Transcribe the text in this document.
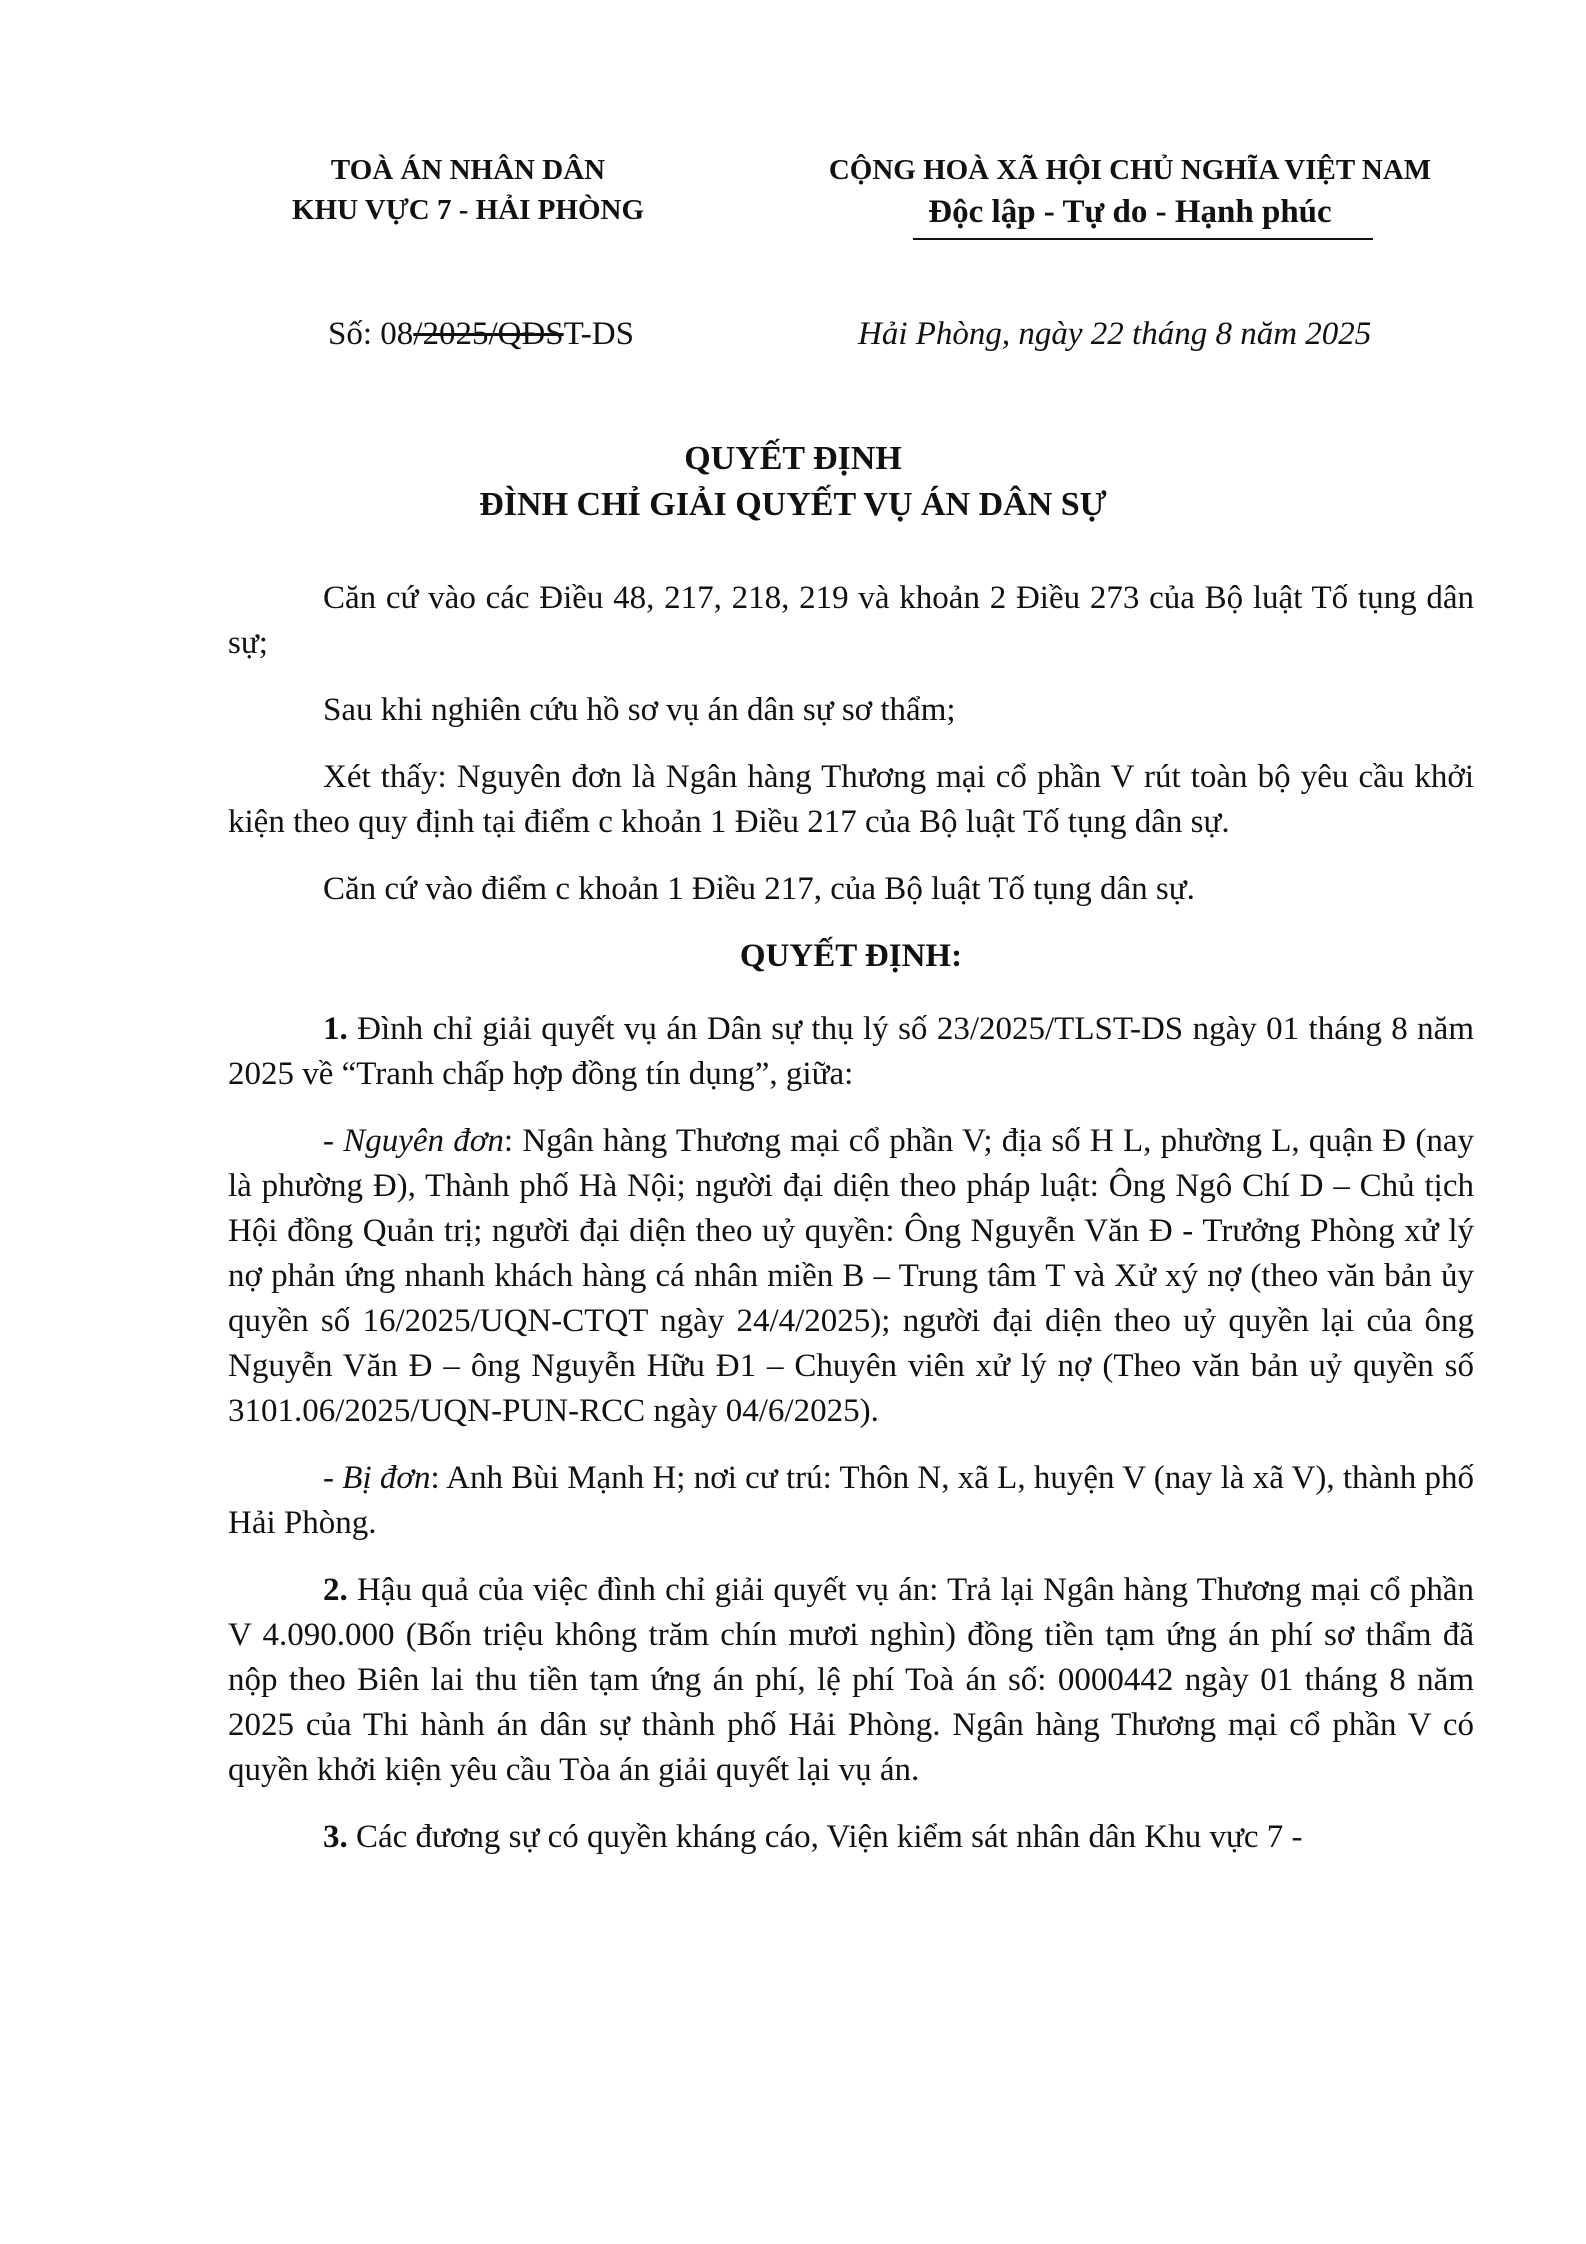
TOÀ ÁN NHÂN DÂN
KHU VỰC 7 - HẢI PHÒNG
CỘNG HOÀ XÃ HỘI CHỦ NGHĨA VIỆT NAM
Độc lập - Tự do - Hạnh phúc
Số: 08/2025/QĐST-DS	Hải Phòng, ngày 22 tháng 8 năm 2025
QUYẾT ĐỊNH
ĐÌNH CHỈ GIẢI QUYẾT VỤ ÁN DÂN SỰ

Căn cứ vào các Điều 48, 217, 218, 219 và khoản 2 Điều 273 của Bộ luật Tố tụng dân sự;

Sau khi nghiên cứu hồ sơ vụ án dân sự sơ thẩm;

Xét thấy: Nguyên đơn là Ngân hàng Thương mại cổ phần V rút toàn bộ yêu cầu khởi kiện theo quy định tại điểm c khoản 1 Điều 217 của Bộ luật Tố tụng dân sự.

Căn cứ vào điểm c khoản 1 Điều 217, của Bộ luật Tố tụng dân sự.

QUYẾT ĐỊNH:

1. Đình chỉ giải quyết vụ án Dân sự thụ lý số 23/2025/TLST-DS ngày 01 tháng 8 năm 2025 về “Tranh chấp hợp đồng tín dụng”, giữa:

- Nguyên đơn: Ngân hàng Thương mại cổ phần V; địa số H L, phường L, quận Đ (nay là phường Đ), Thành phố Hà Nội; người đại diện theo pháp luật: Ông Ngô Chí D – Chủ tịch Hội đồng Quản trị; người đại diện theo uỷ quyền: Ông Nguyễn Văn Đ - Trưởng Phòng xử lý nợ phản ứng nhanh khách hàng cá nhân miền B – Trung tâm T và Xử xý nợ (theo văn bản ủy quyền số 16/2025/UQN-CTQT ngày 24/4/2025); người đại diện theo uỷ quyền lại của ông Nguyễn Văn Đ – ông Nguyễn Hữu Đ1 – Chuyên viên xử lý nợ (Theo văn bản uỷ quyền số 3101.06/2025/UQN-PUN-RCC ngày 04/6/2025).

- Bị đơn: Anh Bùi Mạnh H; nơi cư trú: Thôn N, xã L, huyện V (nay là xã V), thành phố Hải Phòng.

2. Hậu quả của việc đình chỉ giải quyết vụ án: Trả lại Ngân hàng Thương mại cổ phần V 4.090.000 (Bốn triệu không trăm chín mươi nghìn) đồng tiền tạm ứng án phí sơ thẩm đã nộp theo Biên lai thu tiền tạm ứng án phí, lệ phí Toà án số: 0000442 ngày 01 tháng 8 năm 2025 của Thi hành án dân sự thành phố Hải Phòng. Ngân hàng Thương mại cổ phần V có quyền khởi kiện yêu cầu Tòa án giải quyết lại vụ án.

3. Các đương sự có quyền kháng cáo, Viện kiểm sát nhân dân Khu vực 7 -
